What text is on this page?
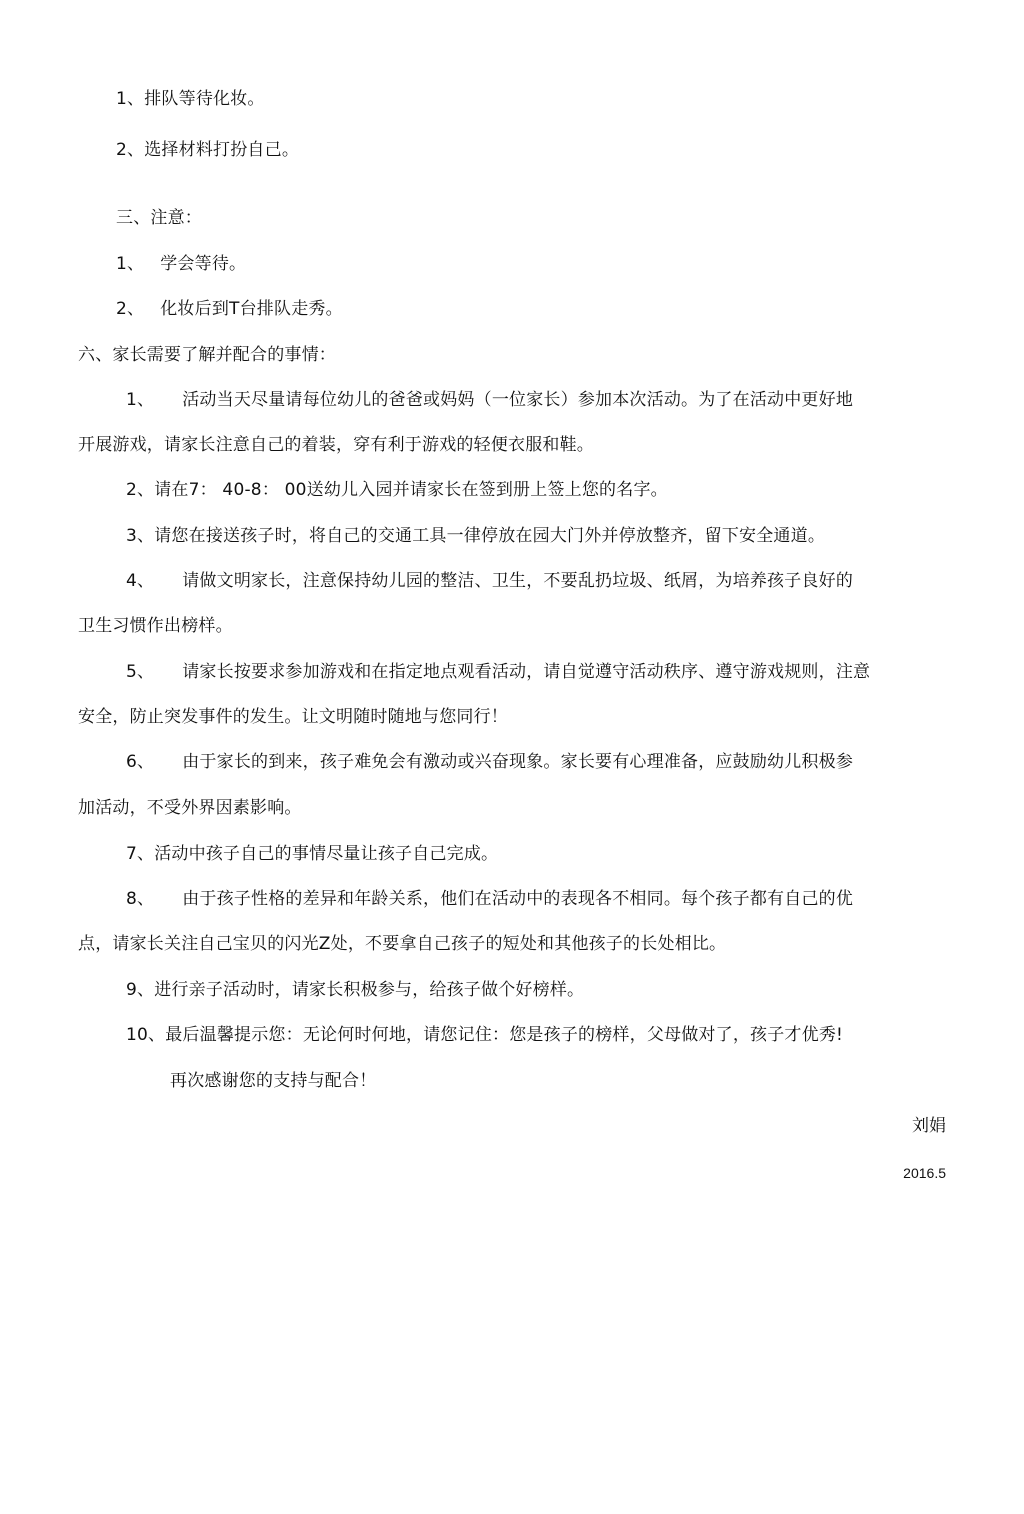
1、排队等待化妆。
2、选择材料打扮自己。
三、注意：
1、 学会等待。
2、 化妆后到T台排队走秀。
六、家长需要了解并配合的事情：
1、 活动当天尽量请每位幼儿的爸爸或妈妈（一位家长）参加本次活动。为了在活动中更好地
开展游戏，请家长注意自己的着装，穿有利于游戏的轻便衣服和鞋。
2、请在7： 40-8： 00送幼儿入园并请家长在签到册上签上您的名字。
3、请您在接送孩子时，将自己的交通工具一律停放在园大门外并停放整齐，留下安全通道。
4、 请做文明家长，注意保持幼儿园的整洁、卫生，不要乱扔垃圾、纸屑，为培养孩子良好的
卫生习惯作出榜样。
5、 请家长按要求参加游戏和在指定地点观看活动，请自觉遵守活动秩序、遵守游戏规则，注意
安全，防止突发事件的发生。让文明随时随地与您同行！
6、 由于家长的到来，孩子难免会有激动或兴奋现象。家长要有心理准备，应鼓励幼儿积极参
加活动，不受外界因素影响。
7、活动中孩子自己的事情尽量让孩子自己完成。
8、 由于孩子性格的差异和年龄关系，他们在活动中的表现各不相同。每个孩子都有自己的优
点，请家长关注自己宝贝的闪光Z处，不要拿自己孩子的短处和其他孩子的长处相比。
9、进行亲子活动时，请家长积极参与，给孩子做个好榜样。
10、最后温馨提示您：无论何时何地，请您记住：您是孩子的榜样，父母做对了，孩子才优秀!
再次感谢您的支持与配合！
刘娟
2016.5
